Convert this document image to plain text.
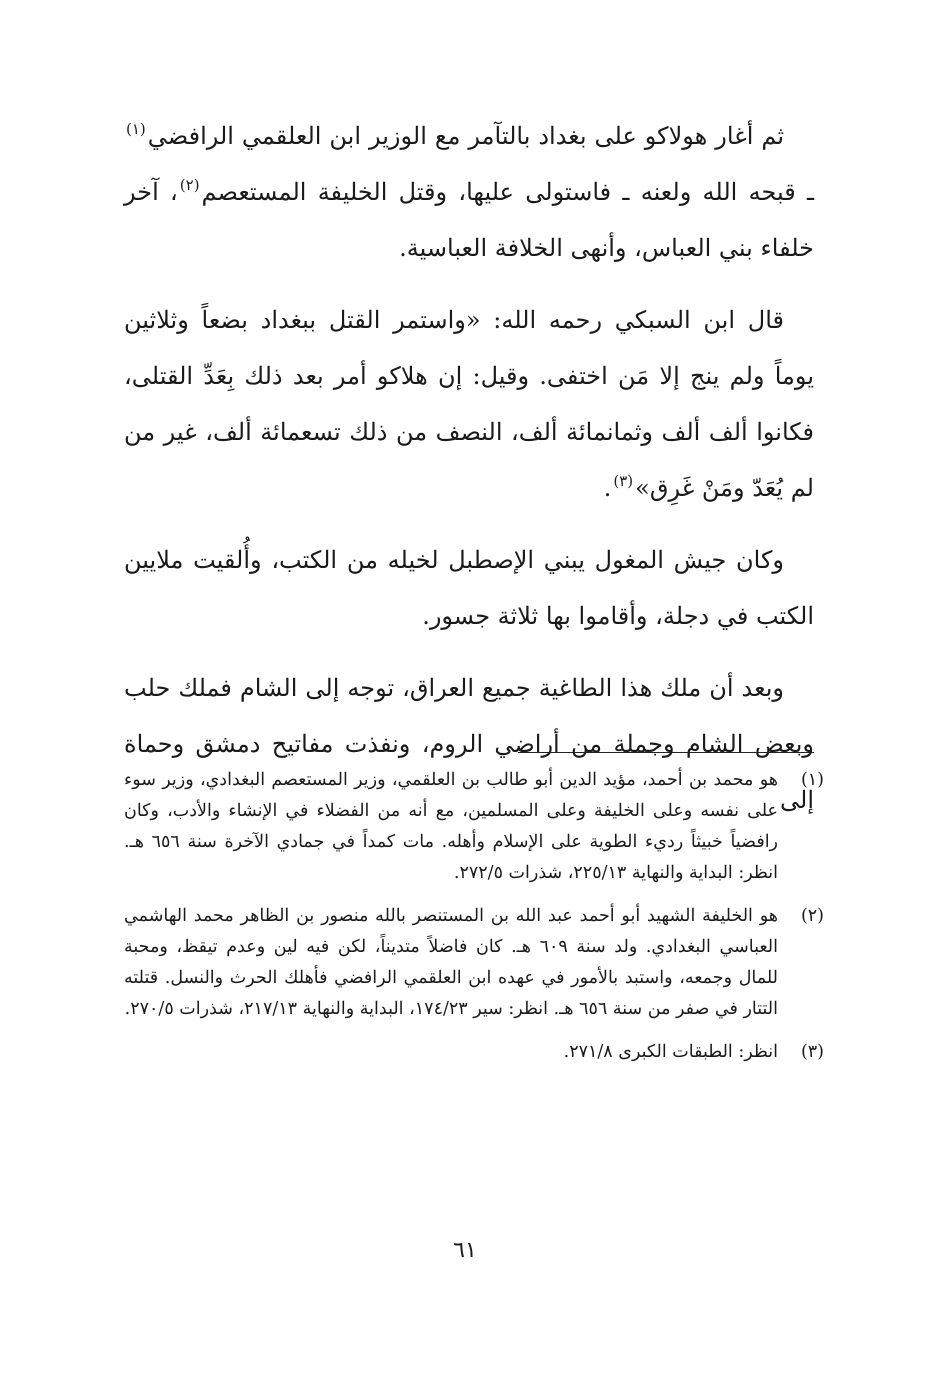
ثم أغار هولاكو على بغداد بالتآمر مع الوزير ابن العلقمي الرافضي$^{(١)}$ ـ قبحه الله ولعنه ـ فاستولى عليها، وقتل الخليفة المستعصم$^{(٢)}$، آخر خلفاء بني العباس، وأنهى الخلافة العباسية.

قال ابن السبكي رحمه الله: «واستمر القتل ببغداد بضعاً وثلاثين يوماً ولم ينج إلا مَن اختفى. وقيل: إن هلاكو أمر بعد ذلك بِعَدِّ القتلى، فكانوا ألف ألف وثمانمائة ألف، النصف من ذلك تسعمائة ألف، غير من لم يُعَدّ ومَنْ غَرِق»$^{(٣)}$.

وكان جيش المغول يبني الإصطبل لخيله من الكتب، وأُلقيت ملايين الكتب في دجلة، وأقاموا بها ثلاثة جسور.

وبعد أن ملك هذا الطاغية جميع العراق، توجه إلى الشام فملك حلب وبعض الشام وجملة من أراضي الروم، ونفذت مفاتيح دمشق وحماة إلى

(١)
هو محمد بن أحمد، مؤيد الدين أبو طالب بن العلقمي، وزير المستعصم البغدادي، وزير سوء على نفسه وعلى الخليفة وعلى المسلمين، مع أنه من الفضلاء في الإنشاء والأدب، وكان رافضياً خبيثاً رديء الطوية على الإسلام وأهله. مات كمداً في جمادي الآخرة سنة ٦٥٦ هـ. انظر: البداية والنهاية ٢٢٥/١٣، شذرات ٢٧٢/٥.
(٢)
هو الخليفة الشهيد أبو أحمد عبد الله بن المستنصر بالله منصور بن الظاهر محمد الهاشمي العباسي البغدادي. ولد سنة ٦٠٩ هـ. كان فاضلاً متديناً، لكن فيه لين وعدم تيقظ، ومحبة للمال وجمعه، واستبد بالأمور في عهده ابن العلقمي الرافضي فأهلك الحرث والنسل. قتلته التتار في صفر من سنة ٦٥٦ هـ. انظر: سير ١٧٤/٢٣، البداية والنهاية ٢١٧/١٣، شذرات ٢٧٠/٥.
(٣)
انظر: الطبقات الكبرى ٢٧١/٨.
٦١
